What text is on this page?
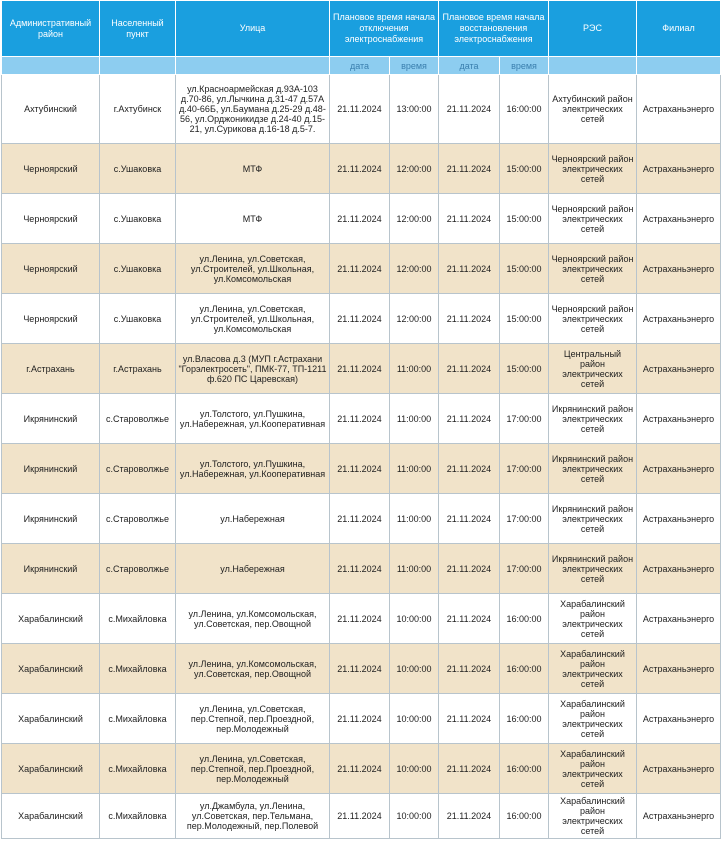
Административный район	Населенный пункт	Улица	Плановое время начала отключения электроснабжения		Плановое время начала восстановления электроснабжения		РЭС	Филиал
			дата	время	дата	время		
Ахтубинский	г.Ахтубинск	ул.Красноармейская д.93А-103 д.70-86, ул.Лычкина д.31-47 д.57А д.40-66Б, ул.Баумана д.25-29 д.48-56, ул.Орджоникидзе д.24-40 д.15-21, ул.Сурикова д.16-18 д.5-7.	21.11.2024	13:00:00	21.11.2024	16:00:00	Ахтубинский район электрических сетей	Астраханьэнерго
Черноярский	с.Ушаковка	МТФ	21.11.2024	12:00:00	21.11.2024	15:00:00	Черноярский район электрических сетей	Астраханьэнерго
Черноярский	с.Ушаковка	МТФ	21.11.2024	12:00:00	21.11.2024	15:00:00	Черноярский район электрических сетей	Астраханьэнерго
Черноярский	с.Ушаковка	ул.Ленина, ул.Советская, ул.Строителей, ул.Школьная, ул.Комсомольская	21.11.2024	12:00:00	21.11.2024	15:00:00	Черноярский район электрических сетей	Астраханьэнерго
Черноярский	с.Ушаковка	ул.Ленина, ул.Советская, ул.Строителей, ул.Школьная, ул.Комсомольская	21.11.2024	12:00:00	21.11.2024	15:00:00	Черноярский район электрических сетей	Астраханьэнерго
г.Астрахань	г.Астрахань	ул.Власова д.3 (МУП г.Астрахани "Горэлектросеть", ПМК-77, ТП-1211 ф.620 ПС Царевская)	21.11.2024	11:00:00	21.11.2024	15:00:00	Центральный район электрических сетей	Астраханьэнерго
Икрянинский	с.Староволжье	ул.Толстого, ул.Пушкина, ул.Набережная, ул.Кооперативная	21.11.2024	11:00:00	21.11.2024	17:00:00	Икрянинский район электрических сетей	Астраханьэнерго
Икрянинский	с.Староволжье	ул.Толстого, ул.Пушкина, ул.Набережная, ул.Кооперативная	21.11.2024	11:00:00	21.11.2024	17:00:00	Икрянинский район электрических сетей	Астраханьэнерго
Икрянинский	с.Староволжье	ул.Набережная	21.11.2024	11:00:00	21.11.2024	17:00:00	Икрянинский район электрических сетей	Астраханьэнерго
Икрянинский	с.Староволжье	ул.Набережная	21.11.2024	11:00:00	21.11.2024	17:00:00	Икрянинский район электрических сетей	Астраханьэнерго
Харабалинский	с.Михайловка	ул.Ленина, ул.Комсомольская, ул.Советская, пер.Овощной	21.11.2024	10:00:00	21.11.2024	16:00:00	Харабалинский район электрических сетей	Астраханьэнерго
Харабалинский	с.Михайловка	ул.Ленина, ул.Комсомольская, ул.Советская, пер.Овощной	21.11.2024	10:00:00	21.11.2024	16:00:00	Харабалинский район электрических сетей	Астраханьэнерго
Харабалинский	с.Михайловка	ул.Ленина, ул.Советская, пер.Степной, пер.Проездной, пер.Молодежный	21.11.2024	10:00:00	21.11.2024	16:00:00	Харабалинский район электрических сетей	Астраханьэнерго
Харабалинский	с.Михайловка	ул.Ленина, ул.Советская, пер.Степной, пер.Проездной, пер.Молодежный	21.11.2024	10:00:00	21.11.2024	16:00:00	Харабалинский район электрических сетей	Астраханьэнерго
Харабалинский	с.Михайловка	ул.Джамбула, ул.Ленина, ул.Советская, пер.Тельмана, пер.Молодежный, пер.Полевой	21.11.2024	10:00:00	21.11.2024	16:00:00	Харабалинский район электрических сетей	Астраханьэнерго
